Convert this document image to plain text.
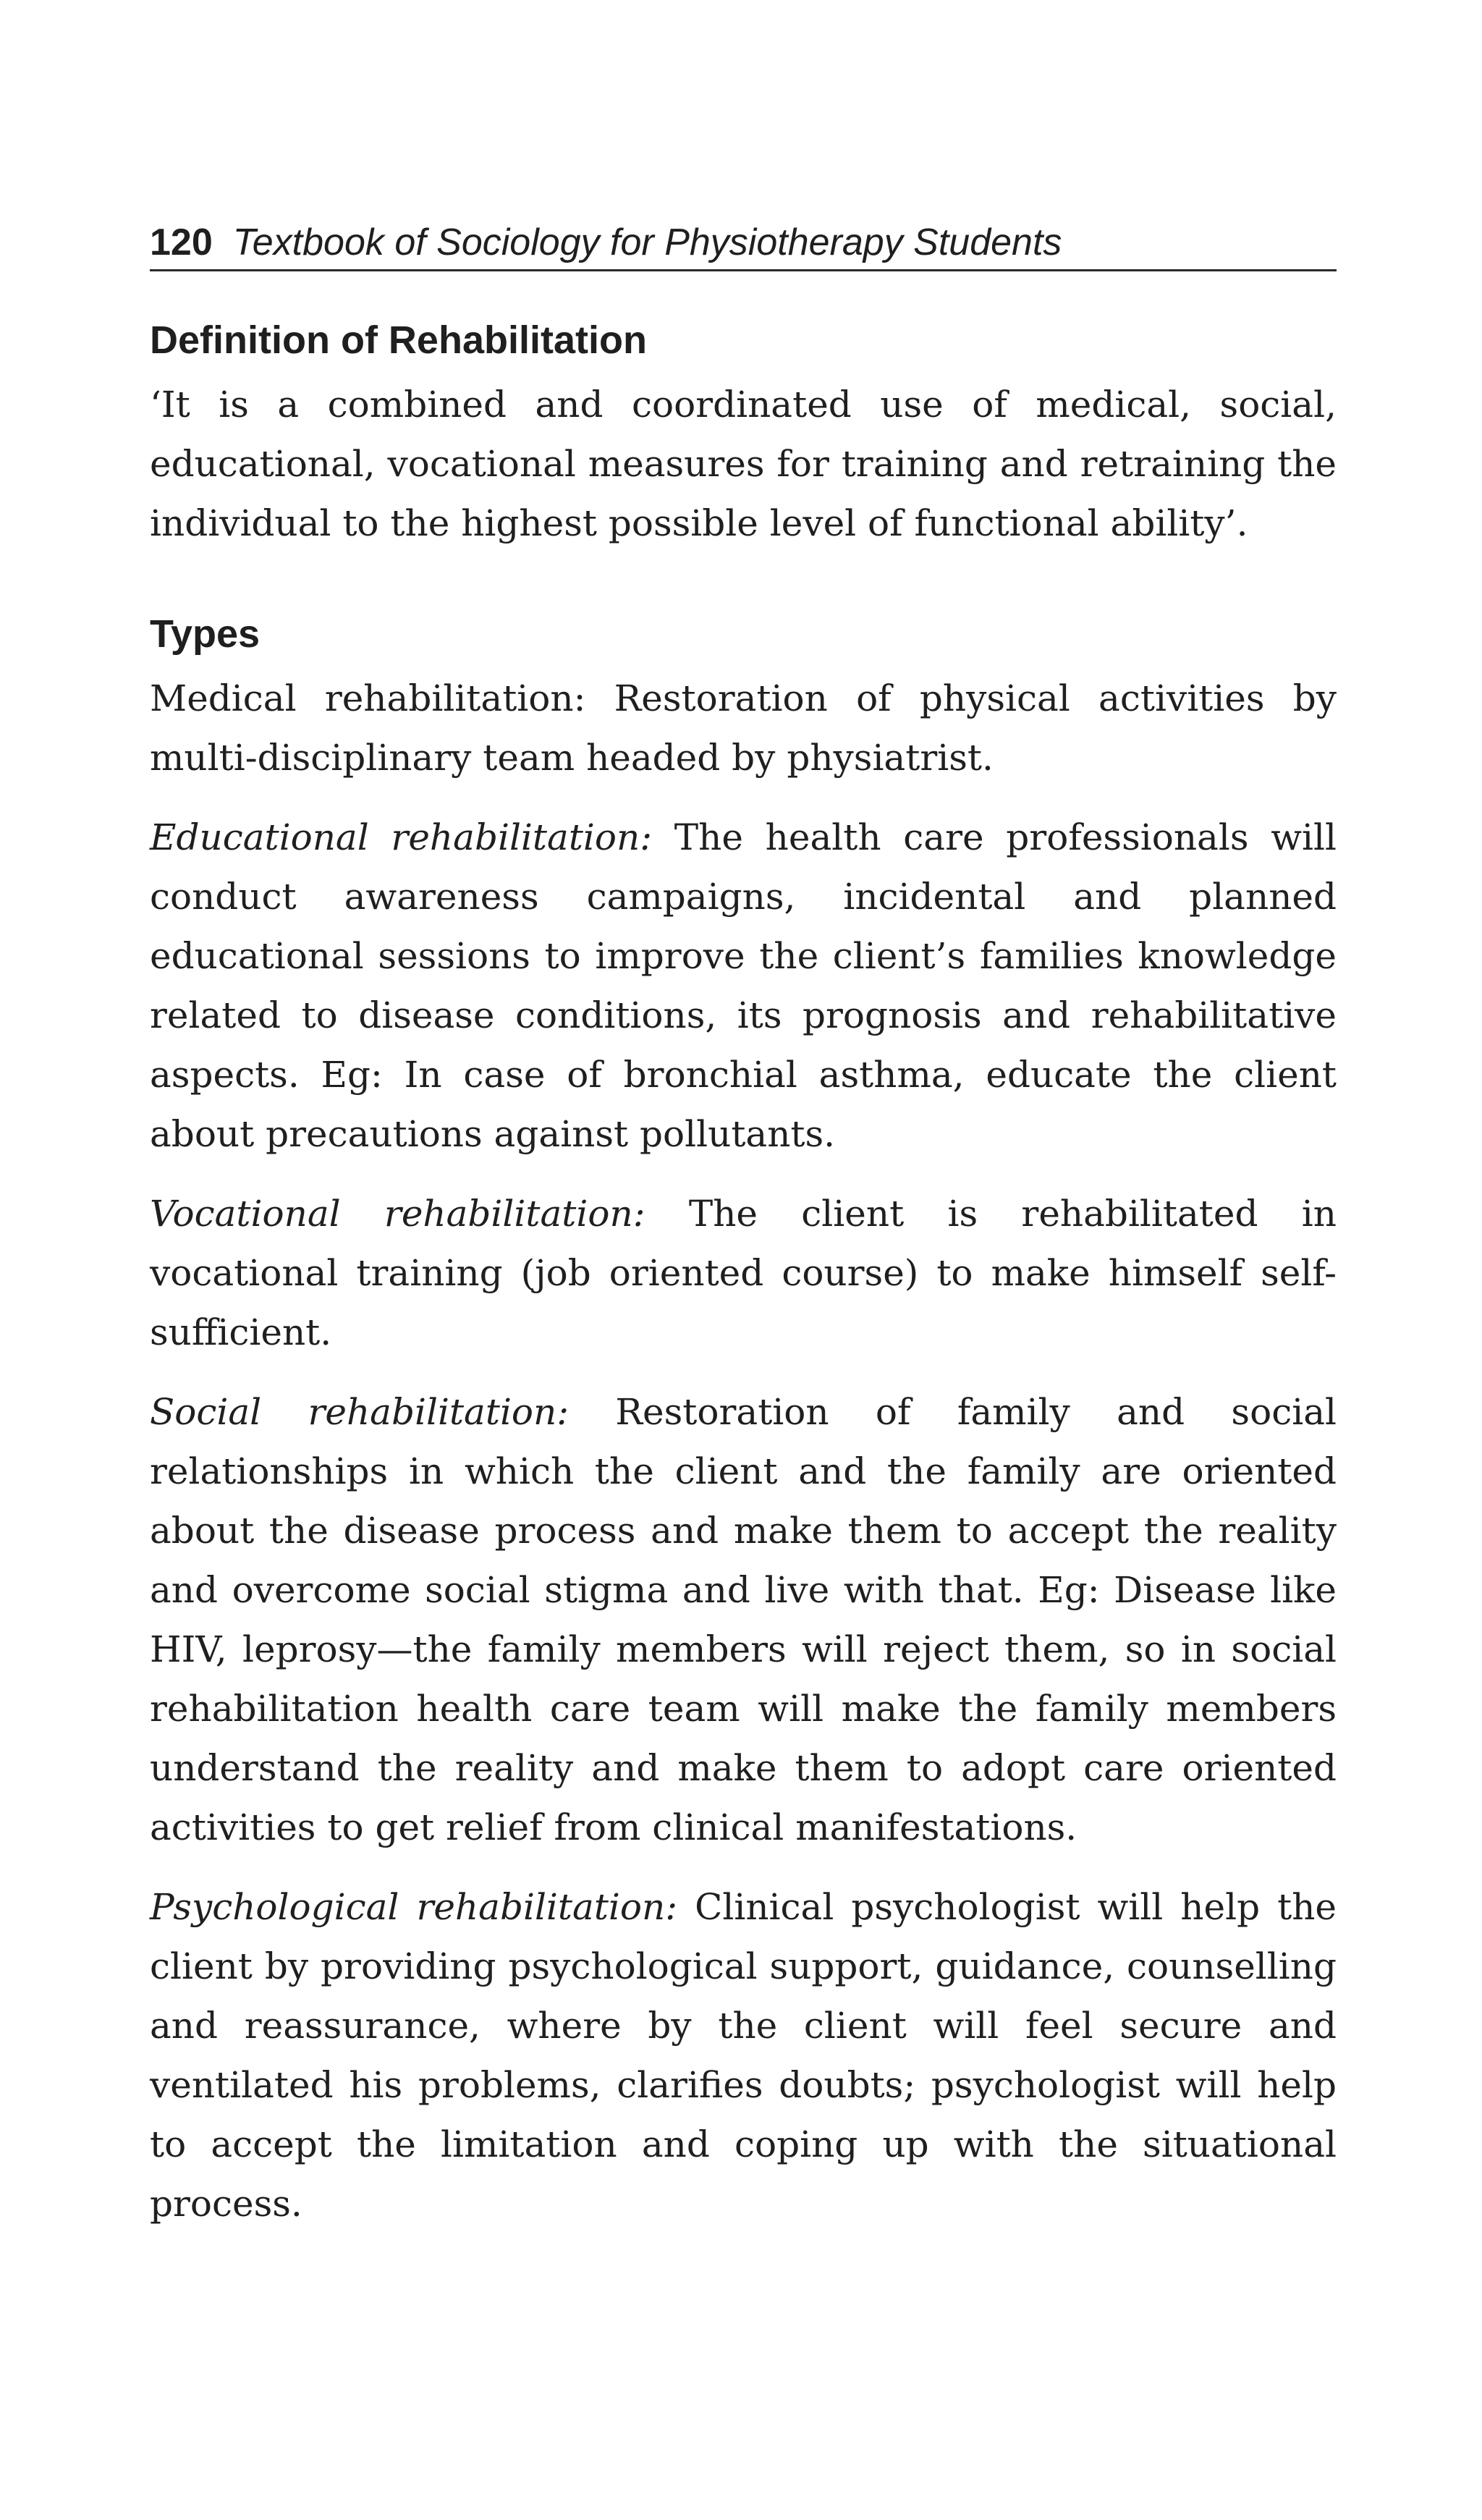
120 Textbook of Sociology for Physiotherapy Students
Definition of Rehabilitation

‘It is a combined and coordinated use of medical, social, educational, vocational measures for training and retraining the individual to the highest possible level of functional ability’.

Types

Medical rehabilitation: Restoration of physical activities by multi-disciplinary team headed by physiatrist.

Educational rehabilitation: The health care professionals will conduct awareness campaigns, incidental and planned educational sessions to improve the client’s families knowledge related to disease conditions, its prognosis and rehabilitative aspects. Eg: In case of bronchial asthma, educate the client about precautions against pollutants.

Vocational rehabilitation: The client is rehabilitated in vocational training (job oriented course) to make himself self-sufficient.

Social rehabilitation: Restoration of family and social relationships in which the client and the family are oriented about the disease process and make them to accept the reality and overcome social stigma and live with that. Eg: Disease like HIV, leprosy—the family members will reject them, so in social rehabilitation health care team will make the family members understand the reality and make them to adopt care oriented activities to get relief from clinical manifestations.

Psychological rehabilitation: Clinical psychologist will help the client by providing psychological support, guidance, counselling and reassurance, where by the client will feel secure and ventilated his problems, clarifies doubts; psychologist will help to accept the limitation and coping up with the situational process.
